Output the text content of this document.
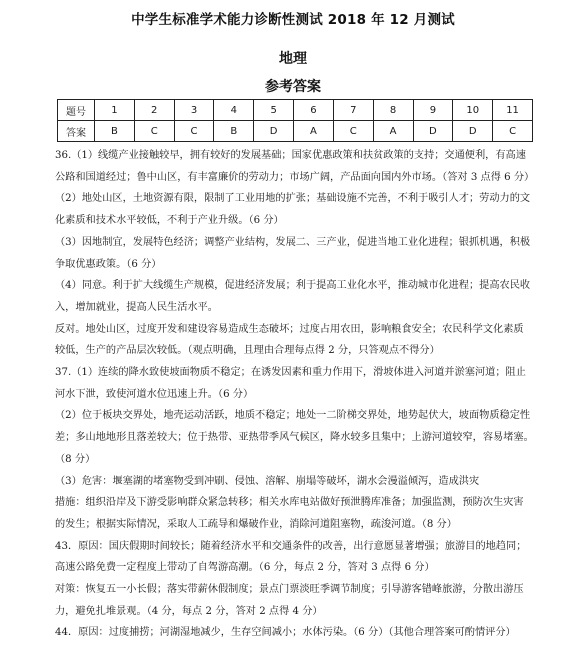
中学生标准学术能力诊断性测试 2018 年 12 月测试
地理
参考答案
题号	1	2	3	4	5	6	7	8	9	10	11
答案	B	C	C	B	D	A	C	A	D	D	C

36.（1）线缆产业接触较早，拥有较好的发展基础；国家优惠政策和扶贫政策的支持；交通便利，有高速

公路和国道经过；鲁中山区，有丰富廉价的劳动力；市场广阔，产品面向国内外市场。（答对 3 点得 6 分）

（2）地处山区，土地资源有限，限制了工业用地的扩张；基础设施不完善，不利于吸引人才；劳动力的文

化素质和技术水平较低，不利于产业升级。（6 分）

（3）因地制宜，发展特色经济；调整产业结构，发展二、三产业，促进当地工业化进程；银抓机遇，积极

争取优惠政策。（6 分）

（4）同意。利于扩大线缆生产规模，促进经济发展；利于提高工业化水平，推动城市化进程；提高农民收

入，增加就业，提高人民生活水平。

反对。地处山区，过度开发和建设容易造成生态破坏；过度占用农田，影响粮食安全；农民科学文化素质

较低，生产的产品层次较低。（观点明确，且理由合理每点得 2 分，只答观点不得分）

37.（1）连续的降水致使坡面物质不稳定；在诱发因素和重力作用下，滑坡体进入河道并淤塞河道；阻止

河水下泄，致使河道水位迅速上升。（6 分）

（2）位于板块交界处，地壳运动活跃，地质不稳定；地处一二阶梯交界处，地势起伏大，坡面物质稳定性

差；多山地地形且落差较大；位于热带、亚热带季风气候区，降水较多且集中；上游河道较窄，容易堵塞。

（8 分）

（3）危害：堰塞湖的堵塞物受到冲刷、侵蚀、溶解、崩塌等破坏，湖水会漫溢倾泻，造成洪灾

措施：组织沿岸及下游受影响群众紧急转移；相关水库电站做好预泄腾库准备；加强监测，预防次生灾害

的发生；根据实际情况，采取人工疏导和爆破作业，消除河道阻塞物，疏浚河道。（8 分）

43．原因：国庆假期时间较长；随着经济水平和交通条件的改善，出行意愿显著增强；旅游目的地趋同；

高速公路免费一定程度上带动了自驾游高潮。（6 分，每点 2 分，答对 3 点得 6 分）

对策：恢复五一小长假；落实带薪休假制度；景点门票淡旺季调节制度；引导游客错峰旅游，分散出游压

力，避免扎堆景观。（4 分，每点 2 分，答对 2 点得 4 分）

44．原因：过度捕捞；河湖湿地减少，生存空间减小；水体污染。（6 分）（其他合理答案可酌情评分）
